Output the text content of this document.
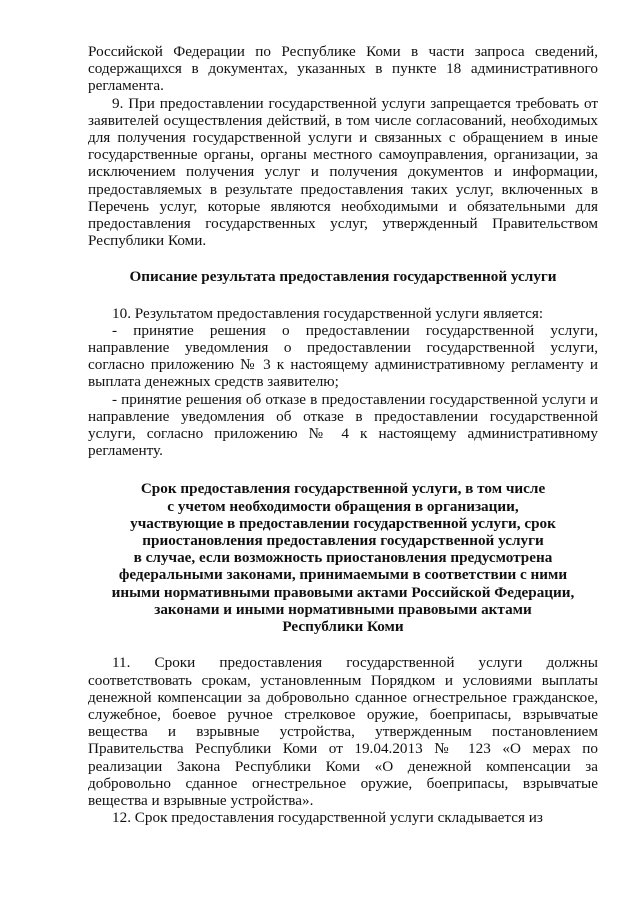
Российской Федерации по Республике Коми в части запроса сведений, содержащихся в документах, указанных в пункте 18 административного регламента.

9. При предоставлении государственной услуги запрещается требовать от заявителей осуществления действий, в том числе согласований, необходимых для получения государственной услуги и связанных с обращением в иные государственные органы, органы местного самоуправления, организации, за исключением получения услуг и получения документов и информации, предоставляемых в результате предоставления таких услуг, включенных в Перечень услуг, которые являются необходимыми и обязательными для предоставления государственных услуг, утвержденный Правительством Республики Коми.

Описание результата предоставления государственной услуги

10. Результатом предоставления государственной услуги является:

- принятие решения о предоставлении государственной услуги, направление уведомления о предоставлении государственной услуги, согласно приложению № 3 к настоящему административному регламенту и выплата денежных средств заявителю;

- принятие решения об отказе в предоставлении государственной услуги и направление уведомления об отказе в предоставлении государственной услуги, согласно приложению № 4 к настоящему административному регламенту.

Срок предоставления государственной услуги, в том числе
с учетом необходимости обращения в организации,
участвующие в предоставлении государственной услуги, срок
приостановления предоставления государственной услуги
в случае, если возможность приостановления предусмотрена
федеральными законами, принимаемыми в соответствии с ними
иными нормативными правовыми актами Российской Федерации,
законами и иными нормативными правовыми актами
Республики Коми

11. Сроки предоставления государственной услуги должны соответствовать срокам, установленным Порядком и условиями выплаты денежной компенсации за добровольно сданное огнестрельное гражданское, служебное, боевое ручное стрелковое оружие, боеприпасы, взрывчатые вещества и взрывные устройства, утвержденным постановлением Правительства Республики Коми от 19.04.2013 № 123 «О мерах по реализации Закона Республики Коми «О денежной компенсации за добровольно сданное огнестрельное оружие, боеприпасы, взрывчатые вещества и взрывные устройства».

12. Срок предоставления государственной услуги складывается из
